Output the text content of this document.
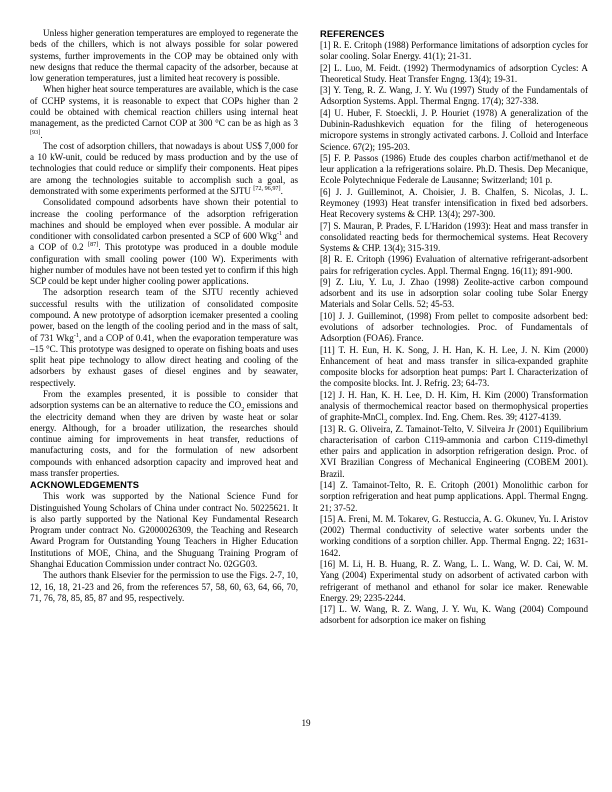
Unless higher generation temperatures are employed to regenerate the beds of the chillers, which is not always possible for solar powered systems, further improvements in the COP may be obtained only with new designs that reduce the thermal capacity of the adsorber, because at low generation temperatures, just a limited heat recovery is possible.

When higher heat source temperatures are available, which is the case of CCHP systems, it is reasonable to expect that COPs higher than 2 could be obtained with chemical reaction chillers using internal heat management, as the predicted Carnot COP at 300 °C can be as high as 3 [93].

The cost of adsorption chillers, that nowadays is about US$ 7,000 for a 10 kW-unit, could be reduced by mass production and by the use of technologies that could reduce or simplify their components. Heat pipes are among the technologies suitable to accomplish such a goal, as demonstrated with some experiments performed at the SJTU [72, 96,97].

Consolidated compound adsorbents have shown their potential to increase the cooling performance of the adsorption refrigeration machines and should be employed when ever possible. A modular air conditioner with consolidated carbon presented a SCP of 600 Wkg$^{-1}$ and a COP of 0.2 [87]. This prototype was produced in a double module configuration with small cooling power (100 W). Experiments with higher number of modules have not been tested yet to confirm if this high SCP could be kept under higher cooling power applications.

The adsorption research team of the SJTU recently achieved successful results with the utilization of consolidated composite compound. A new prototype of adsorption icemaker presented a cooling power, based on the length of the cooling period and in the mass of salt, of 731 Wkg$^{-1}$, and a COP of 0.41, when the evaporation temperature was –15 °C. This prototype was designed to operate on fishing boats and uses split heat pipe technology to allow direct heating and cooling of the adsorbers by exhaust gases of diesel engines and by seawater, respectively.

From the examples presented, it is possible to consider that adsorption systems can be an alternative to reduce the $CO_2$ emissions and the electricity demand when they are driven by waste heat or solar energy. Although, for a broader utilization, the researches should continue aiming for improvements in heat transfer, reductions of manufacturing costs, and for the formulation of new adsorbent compounds with enhanced adsorption capacity and improved heat and mass transfer properties.

ACKNOWLEDGEMENTS

This work was supported by the National Science Fund for Distinguished Young Scholars of China under contract No. 50225621. It is also partly supported by the National Key Fundamental Research Program under contract No. G2000026309, the Teaching and Research Award Program for Outstanding Young Teachers in Higher Education Institutions of MOE, China, and the Shuguang Training Program of Shanghai Education Commission under contract No. 02GG03.

The authors thank Elsevier for the permission to use the Figs. 2-7, 10, 12, 16, 18, 21-23 and 26, from the references 57, 58, 60, 63, 64, 66, 70, 71, 76, 78, 85, 85, 87 and 95, respectively.

REFERENCES

[1] R. E. Critoph (1988) Performance limitations of adsorption cycles for solar cooling. Solar Energy. 41(1); 21-31.

[2] L. Luo, M. Feidt. (1992) Thermodynamics of adsorption Cycles: A Theoretical Study. Heat Transfer Engng. 13(4); 19-31.

[3] Y. Teng, R. Z. Wang, J. Y. Wu (1997) Study of the Fundamentals of Adsorption Systems. Appl. Thermal Engng. 17(4); 327-338.

[4] U. Huber, F. Stoeckli, J. P. Houriet (1978) A generalization of the Dubinin-Radushkevich equation for the filing of heterogeneous micropore systems in strongly activated carbons. J. Colloid and Interface Science. 67(2); 195-203.

[5] F. P. Passos (1986) Etude des couples charbon actif/methanol et de leur application a la refrigerations solaire. Ph.D. Thesis. Dep Mecanique, Ecole Polytechnique Federale de Lausanne; Switzerland; 101 p.

[6] J. J. Guilleminot, A. Choisier, J. B. Chalfen, S. Nicolas, J. L. Reymoney (1993) Heat transfer intensification in fixed bed adsorbers. Heat Recovery systems & CHP. 13(4); 297-300.

[7] S. Mauran, P. Prades, F. L'Haridon (1993): Heat and mass transfer in consolidated reacting beds for thermochemical systems. Heat Recovery Systems & CHP. 13(4); 315-319.

[8] R. E. Critoph (1996) Evaluation of alternative refrigerant-adsorbent pairs for refrigeration cycles. Appl. Thermal Engng. 16(11); 891-900.

[9] Z. Liu, Y. Lu, J. Zhao (1998) Zeolite-active carbon compound adsorbent and its use in adsorption solar cooling tube Solar Energy Materials and Solar Cells. 52; 45-53.

[10] J. J. Guilleminot, (1998) From pellet to composite adsorbent bed: evolutions of adsorber technologies. Proc. of Fundamentals of Adsorption (FOA6). France.

[11] T. H. Eun, H. K. Song, J. H. Han, K. H. Lee, J. N. Kim (2000) Enhancement of heat and mass transfer in silica-expanded graphite composite blocks for adsorption heat pumps: Part I. Characterization of the composite blocks. Int. J. Refrig. 23; 64-73.

[12] J. H. Han, K. H. Lee, D. H. Kim, H. Kim (2000) Transformation analysis of thermochemical reactor based on thermophysical properties of graphite-MnCl$_2$ complex. Ind. Eng. Chem. Res. 39; 4127-4139.

[13] R. G. Oliveira, Z. Tamainot-Telto, V. Silveira Jr (2001) Equilibrium characterisation of carbon C119-ammonia and carbon C119-dimethyl ether pairs and application in adsorption refrigeration design. Proc. of XVI Brazilian Congress of Mechanical Engineering (COBEM 2001). Brazil.

[14] Z. Tamainot-Telto, R. E. Critoph (2001) Monolithic carbon for sorption refrigeration and heat pump applications. Appl. Thermal Engng. 21; 37-52.

[15] A. Freni, M. M. Tokarev, G. Restuccia, A. G. Okunev, Yu. I. Aristov (2002) Thermal conductivity of selective water sorbents under the working conditions of a sorption chiller. App. Thermal Engng. 22; 1631-1642.

[16] M. Li, H. B. Huang, R. Z. Wang, L. L. Wang, W. D. Cai, W. M. Yang (2004) Experimental study on adsorbent of activated carbon with refrigerant of methanol and ethanol for solar ice maker. Renewable Energy. 29; 2235-2244.

[17] L. W. Wang, R. Z. Wang, J. Y. Wu, K. Wang (2004) Compound adsorbent for adsorption ice maker on fishing

19
